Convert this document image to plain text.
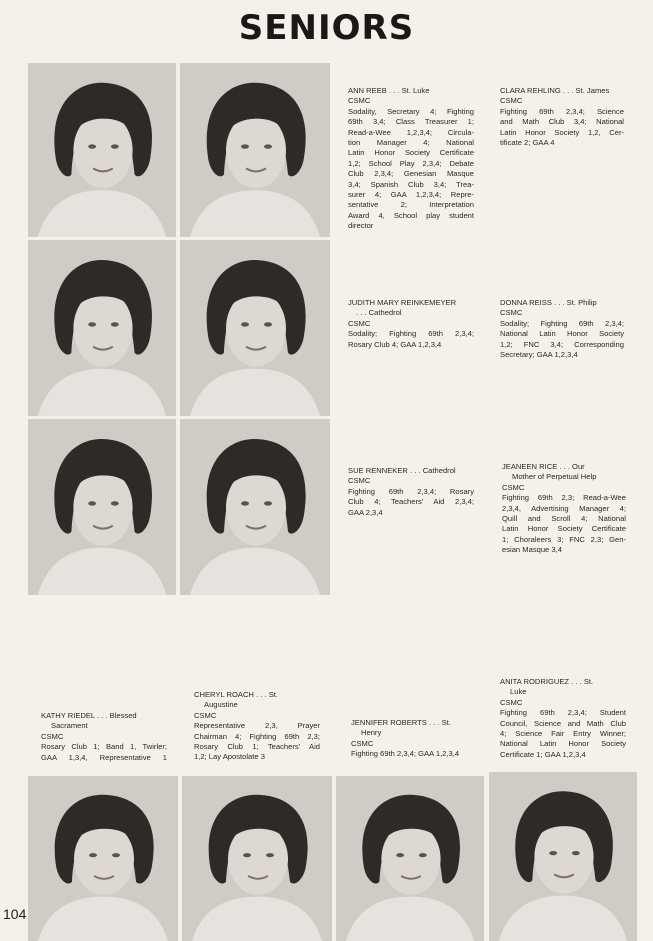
SENIORS
ANN REEB . . . St. Luke
CSMC
Sodality, Secretary 4; Fighting
69th 3,4; Class Treasurer 1;
Read-a-Wee 1,2,3,4; Circula-
tion Manager 4; National
Latin Honor Society Certificate
1,2; School Play 2,3,4; Debate
Club 2,3,4; Genesian Masque
3,4; Spanish Club 3,4; Trea-
surer 4; GAA 1,2,3,4; Repre-
sentative 2; Interpretation
Award 4, School play student
director
CLARA REHLING . . . St. James
CSMC
Fighting 69th 2,3,4; Science
and Math Club 3,4; National
Latin Honor Society 1,2, Cer-
tificate 2; GAA 4
JUDITH MARY REINKEMEYER
. . . Cathedrol
CSMC
Sodality; Fighting 69th 2,3,4;
Rosary Club 4; GAA 1,2,3,4
DONNA REISS . . . St. Philip
CSMC
Sodality; Fighting 69th 2,3,4;
National Latin Honor Society
1,2; FNC 3,4; Corresponding
Secretary; GAA 1,2,3,4
SUE RENNEKER . . . Cathedrol
CSMC
Fighting 69th 2,3,4; Rosary
Club 4; Teachers' Aid 2,3,4;
GAA 2,3,4
JEANEEN RICE . . . Our
Mother of Perpetual Help
CSMC
Fighting 69th 2,3; Read-a-Wee
2,3,4, Advertising Manager 4;
Quill and Scroll 4; National
Latin Honor Society Certificate
1; Choraleers 3; FNC 2,3; Gen-
esian Masque 3,4
KATHY RIEDEL . . . Blessed
Sacrament
CSMC
Rosary Club 1; Band 1, Twirler;
GAA 1,3,4, Representative 1
CHERYL ROACH . . . St.
Augustine
CSMC
Representative 2,3, Prayer
Chairman 4; Fighting 69th 2,3;
Rosary Club 1; Teachers' Aid
1,2; Lay Apostolate 3
JENNIFER ROBERTS . . . St.
Henry
CSMC
Fighting 69th 2,3,4; GAA 1,2,3,4
ANITA RODRIGUEZ . . . St.
Luke
CSMC
Fighting 69th 2,3,4; Student
Council, Science and Math Club
4; Science Fair Entry Winner;
National Latin Honor Society
Certificate 1; GAA 1,2,3,4
104
